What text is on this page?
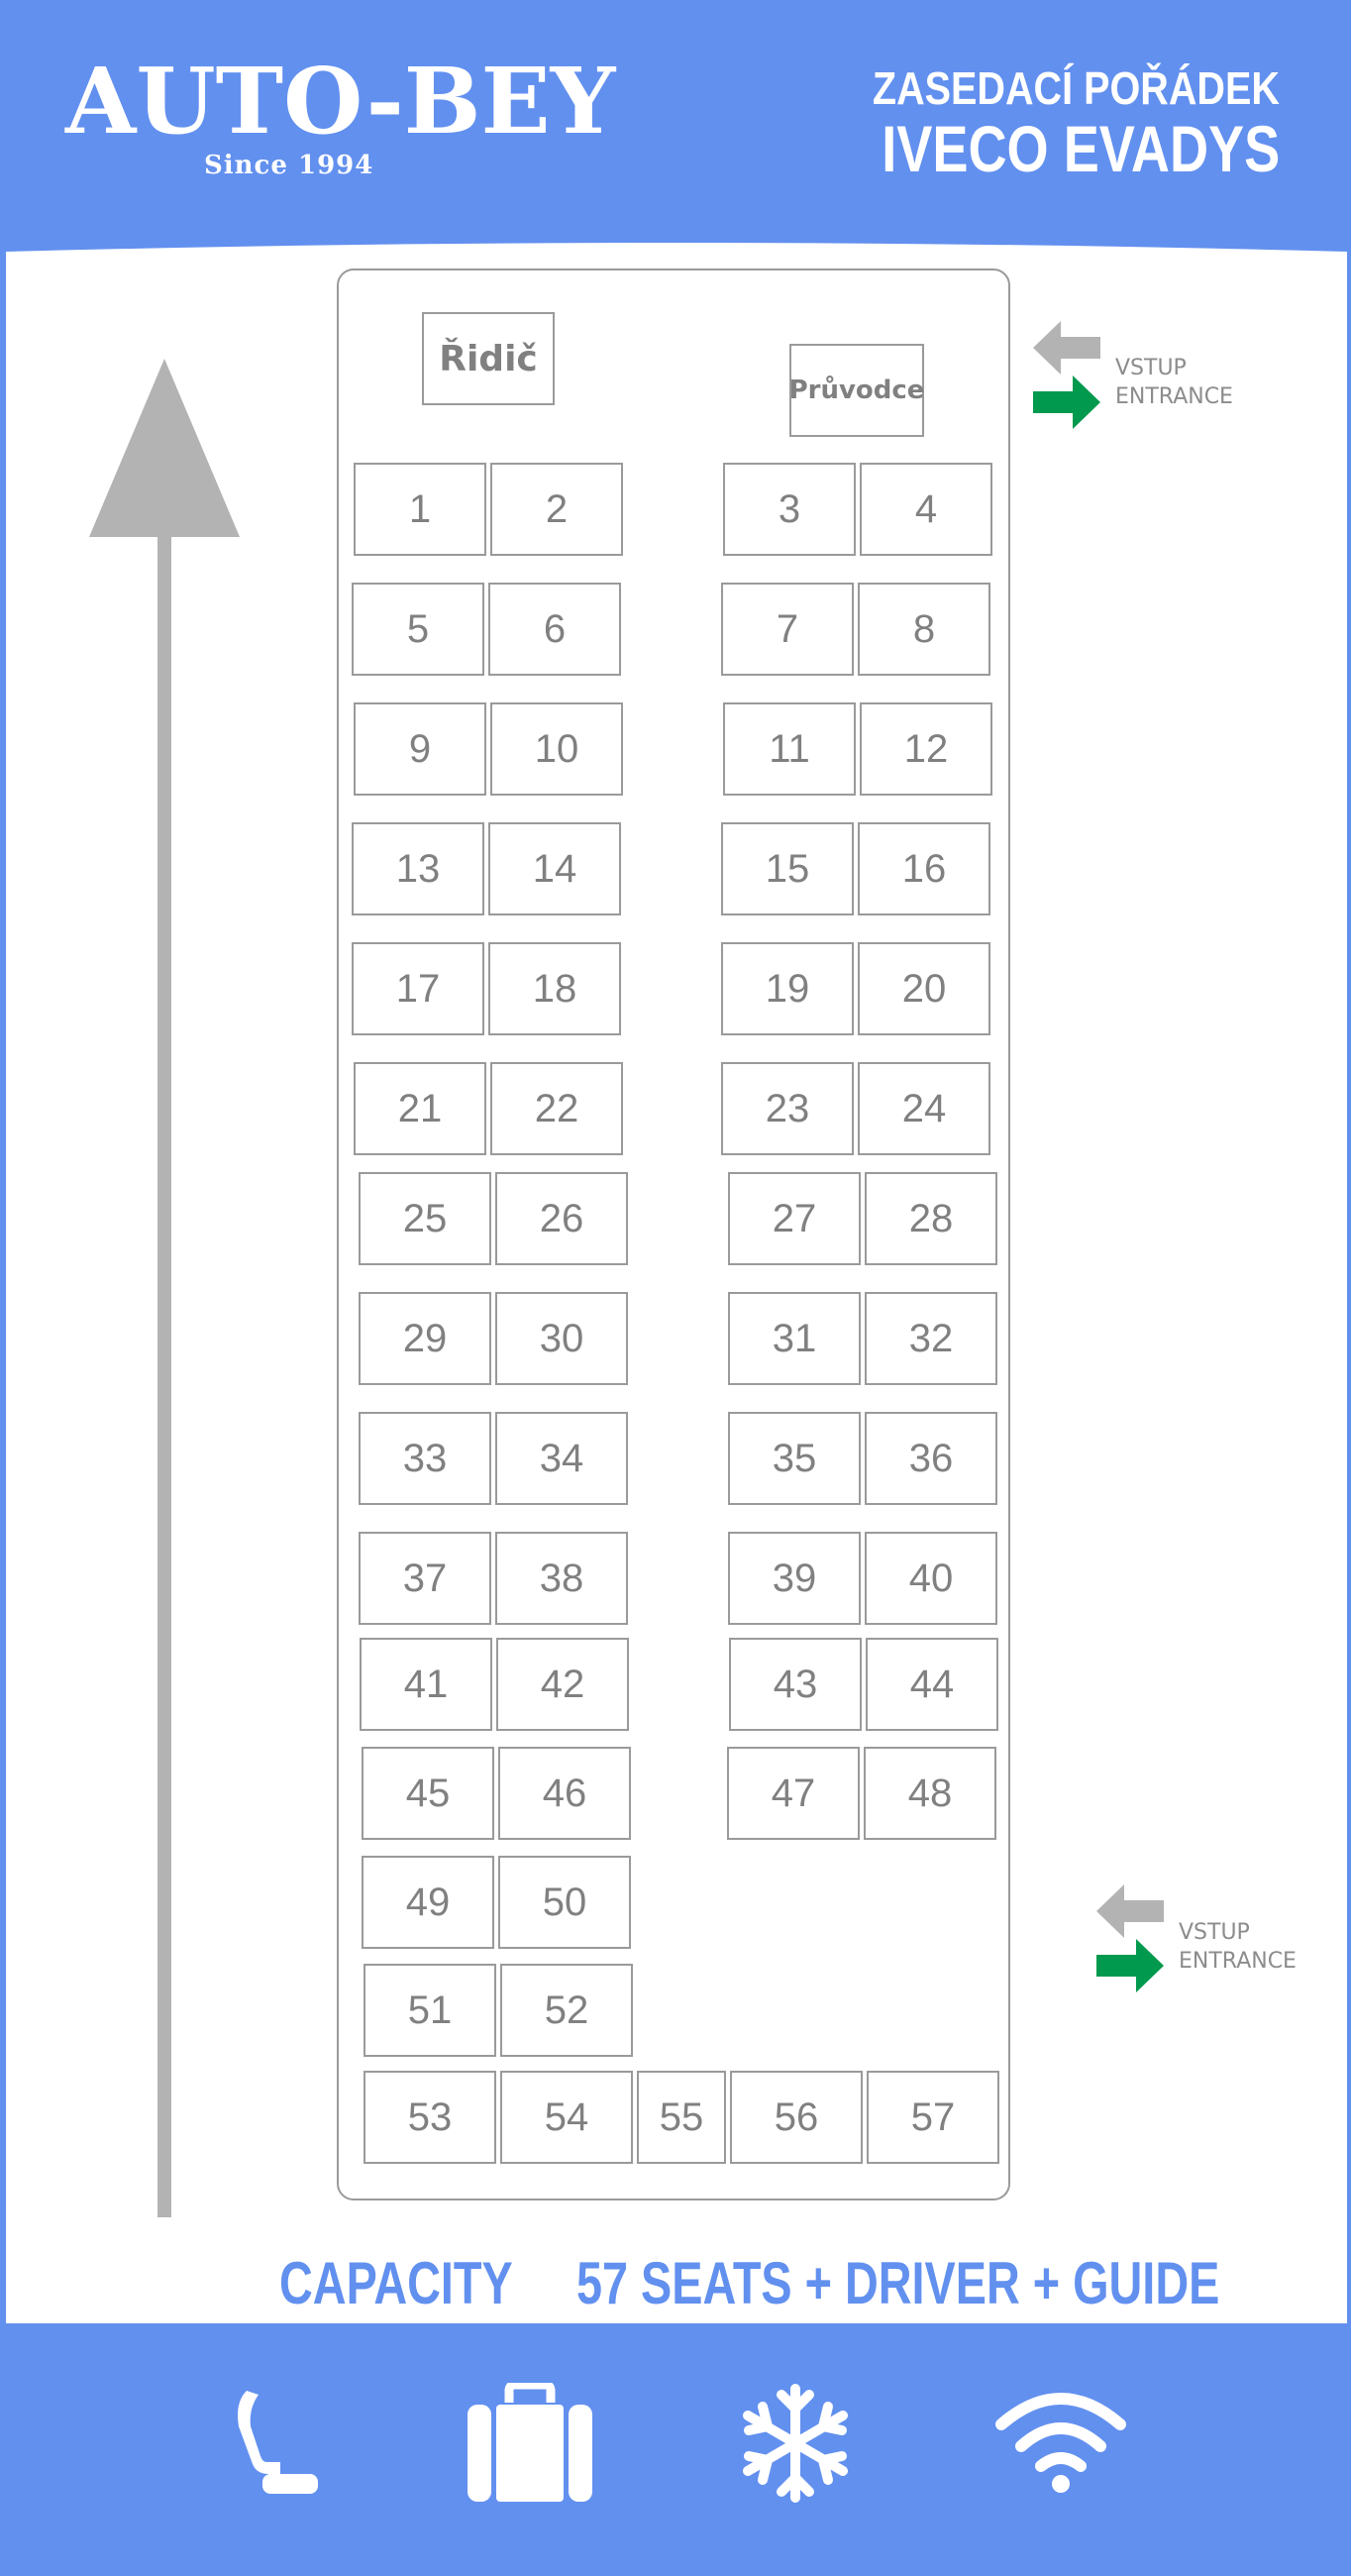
AUTO-BEY
Since 1994
ZASEDACÍ POŘÁDEK
IVECO EVADYS
Řidič
Průvodce
1	2	3	4
5	6	7	8
9	10	11	12
13	14	15	16
17	18	19	20
21	22	23	24
25	26	27	28
29	30	31	32
33	34	35	36
37	38	39	40
41	42	43	44
45	46	47	48
49	50
51	52
53	54	55	56	57
VSTUP
ENTRANCE
VSTUP
ENTRANCE
CAPACITY 57 SEATS + DRIVER + GUIDE
